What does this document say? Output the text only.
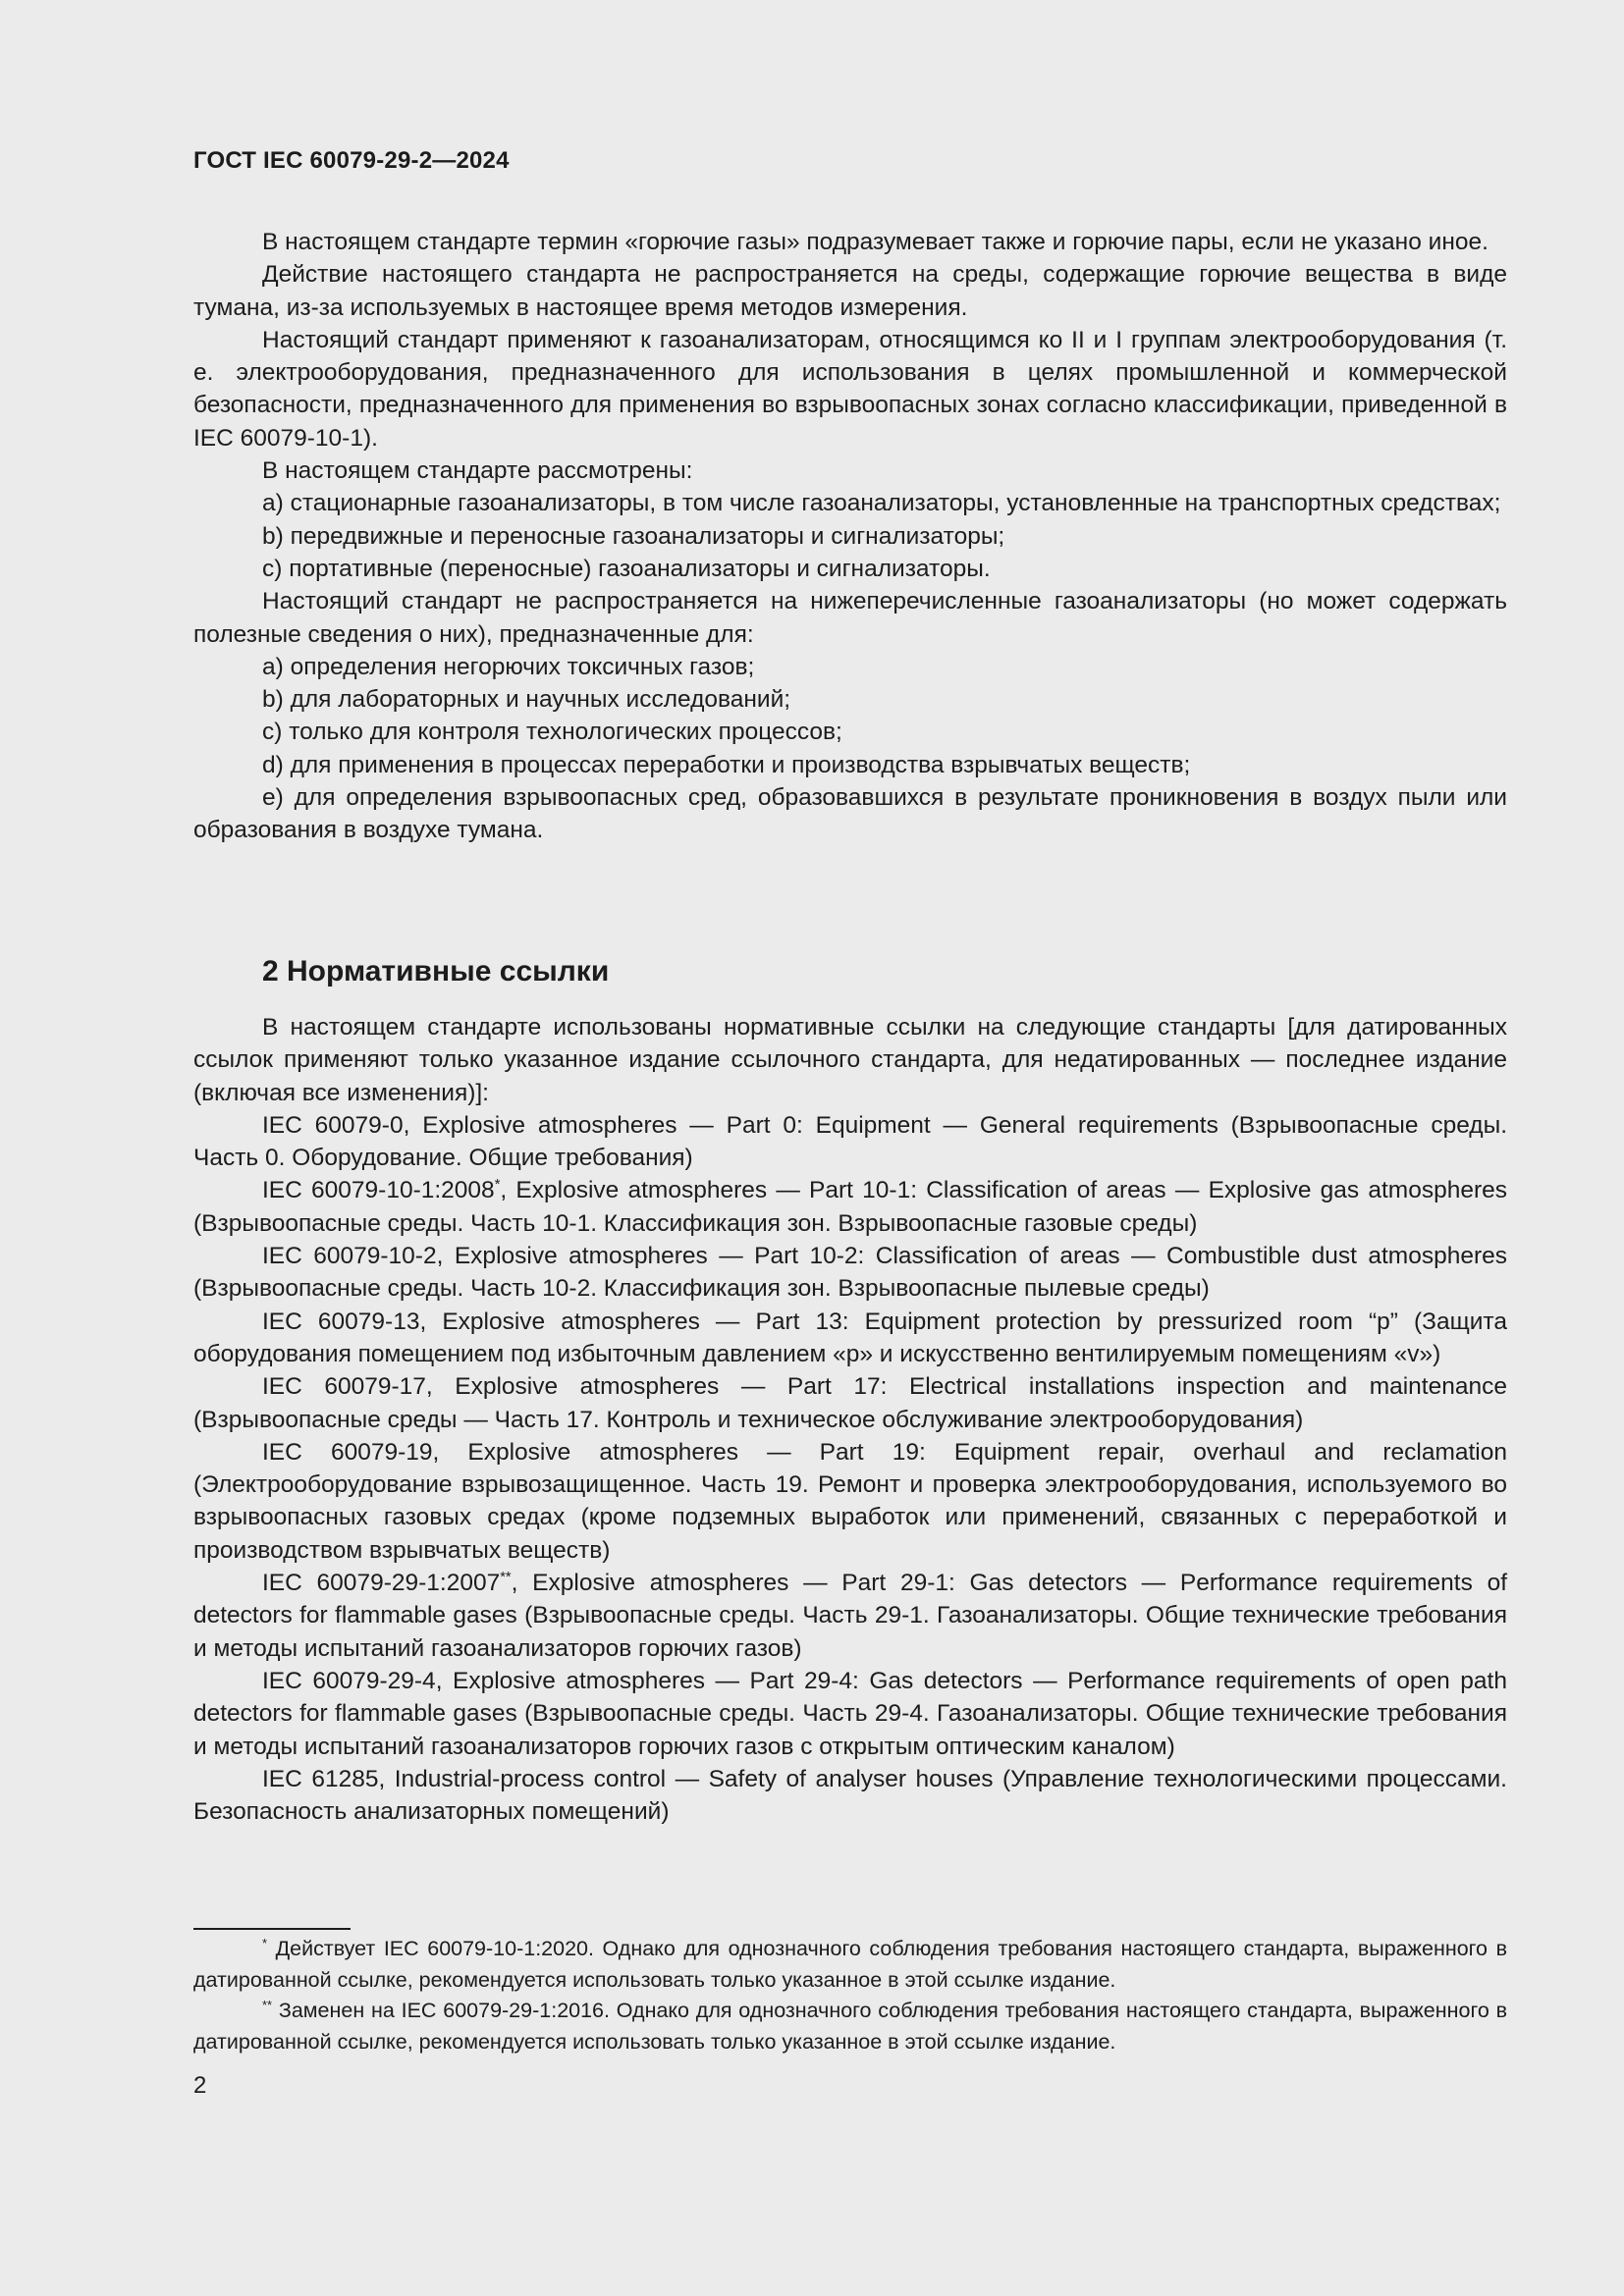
ГОСТ IEC 60079-29-2—2024

В настоящем стандарте термин «горючие газы» подразумевает также и горючие пары, если не указано иное.

Действие настоящего стандарта не распространяется на среды, содержащие горючие вещества в виде тумана, из-за используемых в настоящее время методов измерения.

Настоящий стандарт применяют к газоанализаторам, относящимся ко II и I группам электрооборудования (т. е. электрооборудования, предназначенного для использования в целях промышленной и коммерческой безопасности, предназначенного для применения во взрывоопасных зонах согласно классификации, приведенной в IEC 60079-10-1).

В настоящем стандарте рассмотрены:

a) стационарные газоанализаторы, в том числе газоанализаторы, установленные на транспортных средствах;

b) передвижные и переносные газоанализаторы и сигнализаторы;

c) портативные (переносные) газоанализаторы и сигнализаторы.

Настоящий стандарт не распространяется на нижеперечисленные газоанализаторы (но может содержать полезные сведения о них), предназначенные для:

a) определения негорючих токсичных газов;

b) для лабораторных и научных исследований;

c) только для контроля технологических процессов;

d) для применения в процессах переработки и производства взрывчатых веществ;

e) для определения взрывоопасных сред, образовавшихся в результате проникновения в воздух пыли или образования в воздухе тумана.

2 Нормативные ссылки

В настоящем стандарте использованы нормативные ссылки на следующие стандарты [для датированных ссылок применяют только указанное издание ссылочного стандарта, для недатированных — последнее издание (включая все изменения)]:

IEC 60079-0, Explosive atmospheres — Part 0: Equipment — General requirements (Взрывоопасные среды. Часть 0. Оборудование. Общие требования)

IEC 60079-10-1:2008*, Explosive atmospheres — Part 10-1: Classification of areas — Explosive gas atmospheres (Взрывоопасные среды. Часть 10-1. Классификация зон. Взрывоопасные газовые среды)

IEC 60079-10-2, Explosive atmospheres — Part 10-2: Classification of areas — Combustible dust atmospheres (Взрывоопасные среды. Часть 10-2. Классификация зон. Взрывоопасные пылевые среды)

IEC 60079-13, Explosive atmospheres — Part 13: Equipment protection by pressurized room “p” (Защита оборудования помещением под избыточным давлением «p» и искусственно вентилируемым помещениям «v»)

IEC 60079-17, Explosive atmospheres — Part 17: Electrical installations inspection and maintenance (Взрывоопасные среды — Часть 17. Контроль и техническое обслуживание электрооборудования)

IEC 60079-19, Explosive atmospheres — Part 19: Equipment repair, overhaul and reclamation (Электрооборудование взрывозащищенное. Часть 19. Ремонт и проверка электрооборудования, используемого во взрывоопасных газовых средах (кроме подземных выработок или применений, связанных с переработкой и производством взрывчатых веществ)

IEC 60079-29-1:2007**, Explosive atmospheres — Part 29-1: Gas detectors — Performance requirements of detectors for flammable gases (Взрывоопасные среды. Часть 29-1. Газоанализаторы. Общие технические требования и методы испытаний газоанализаторов горючих газов)

IEC 60079-29-4, Explosive atmospheres — Part 29-4: Gas detectors — Performance requirements of open path detectors for flammable gases (Взрывоопасные среды. Часть 29-4. Газоанализаторы. Общие технические требования и методы испытаний газоанализаторов горючих газов с открытым оптическим каналом)

IEC 61285, Industrial-process control — Safety of analyser houses (Управление технологическими процессами. Безопасность анализаторных помещений)

* Действует IEC 60079-10-1:2020. Однако для однозначного соблюдения требования настоящего стандарта, выраженного в датированной ссылке, рекомендуется использовать только указанное в этой ссылке издание.

** Заменен на IEC 60079-29-1:2016. Однако для однозначного соблюдения требования настоящего стандарта, выраженного в датированной ссылке, рекомендуется использовать только указанное в этой ссылке издание.

2
